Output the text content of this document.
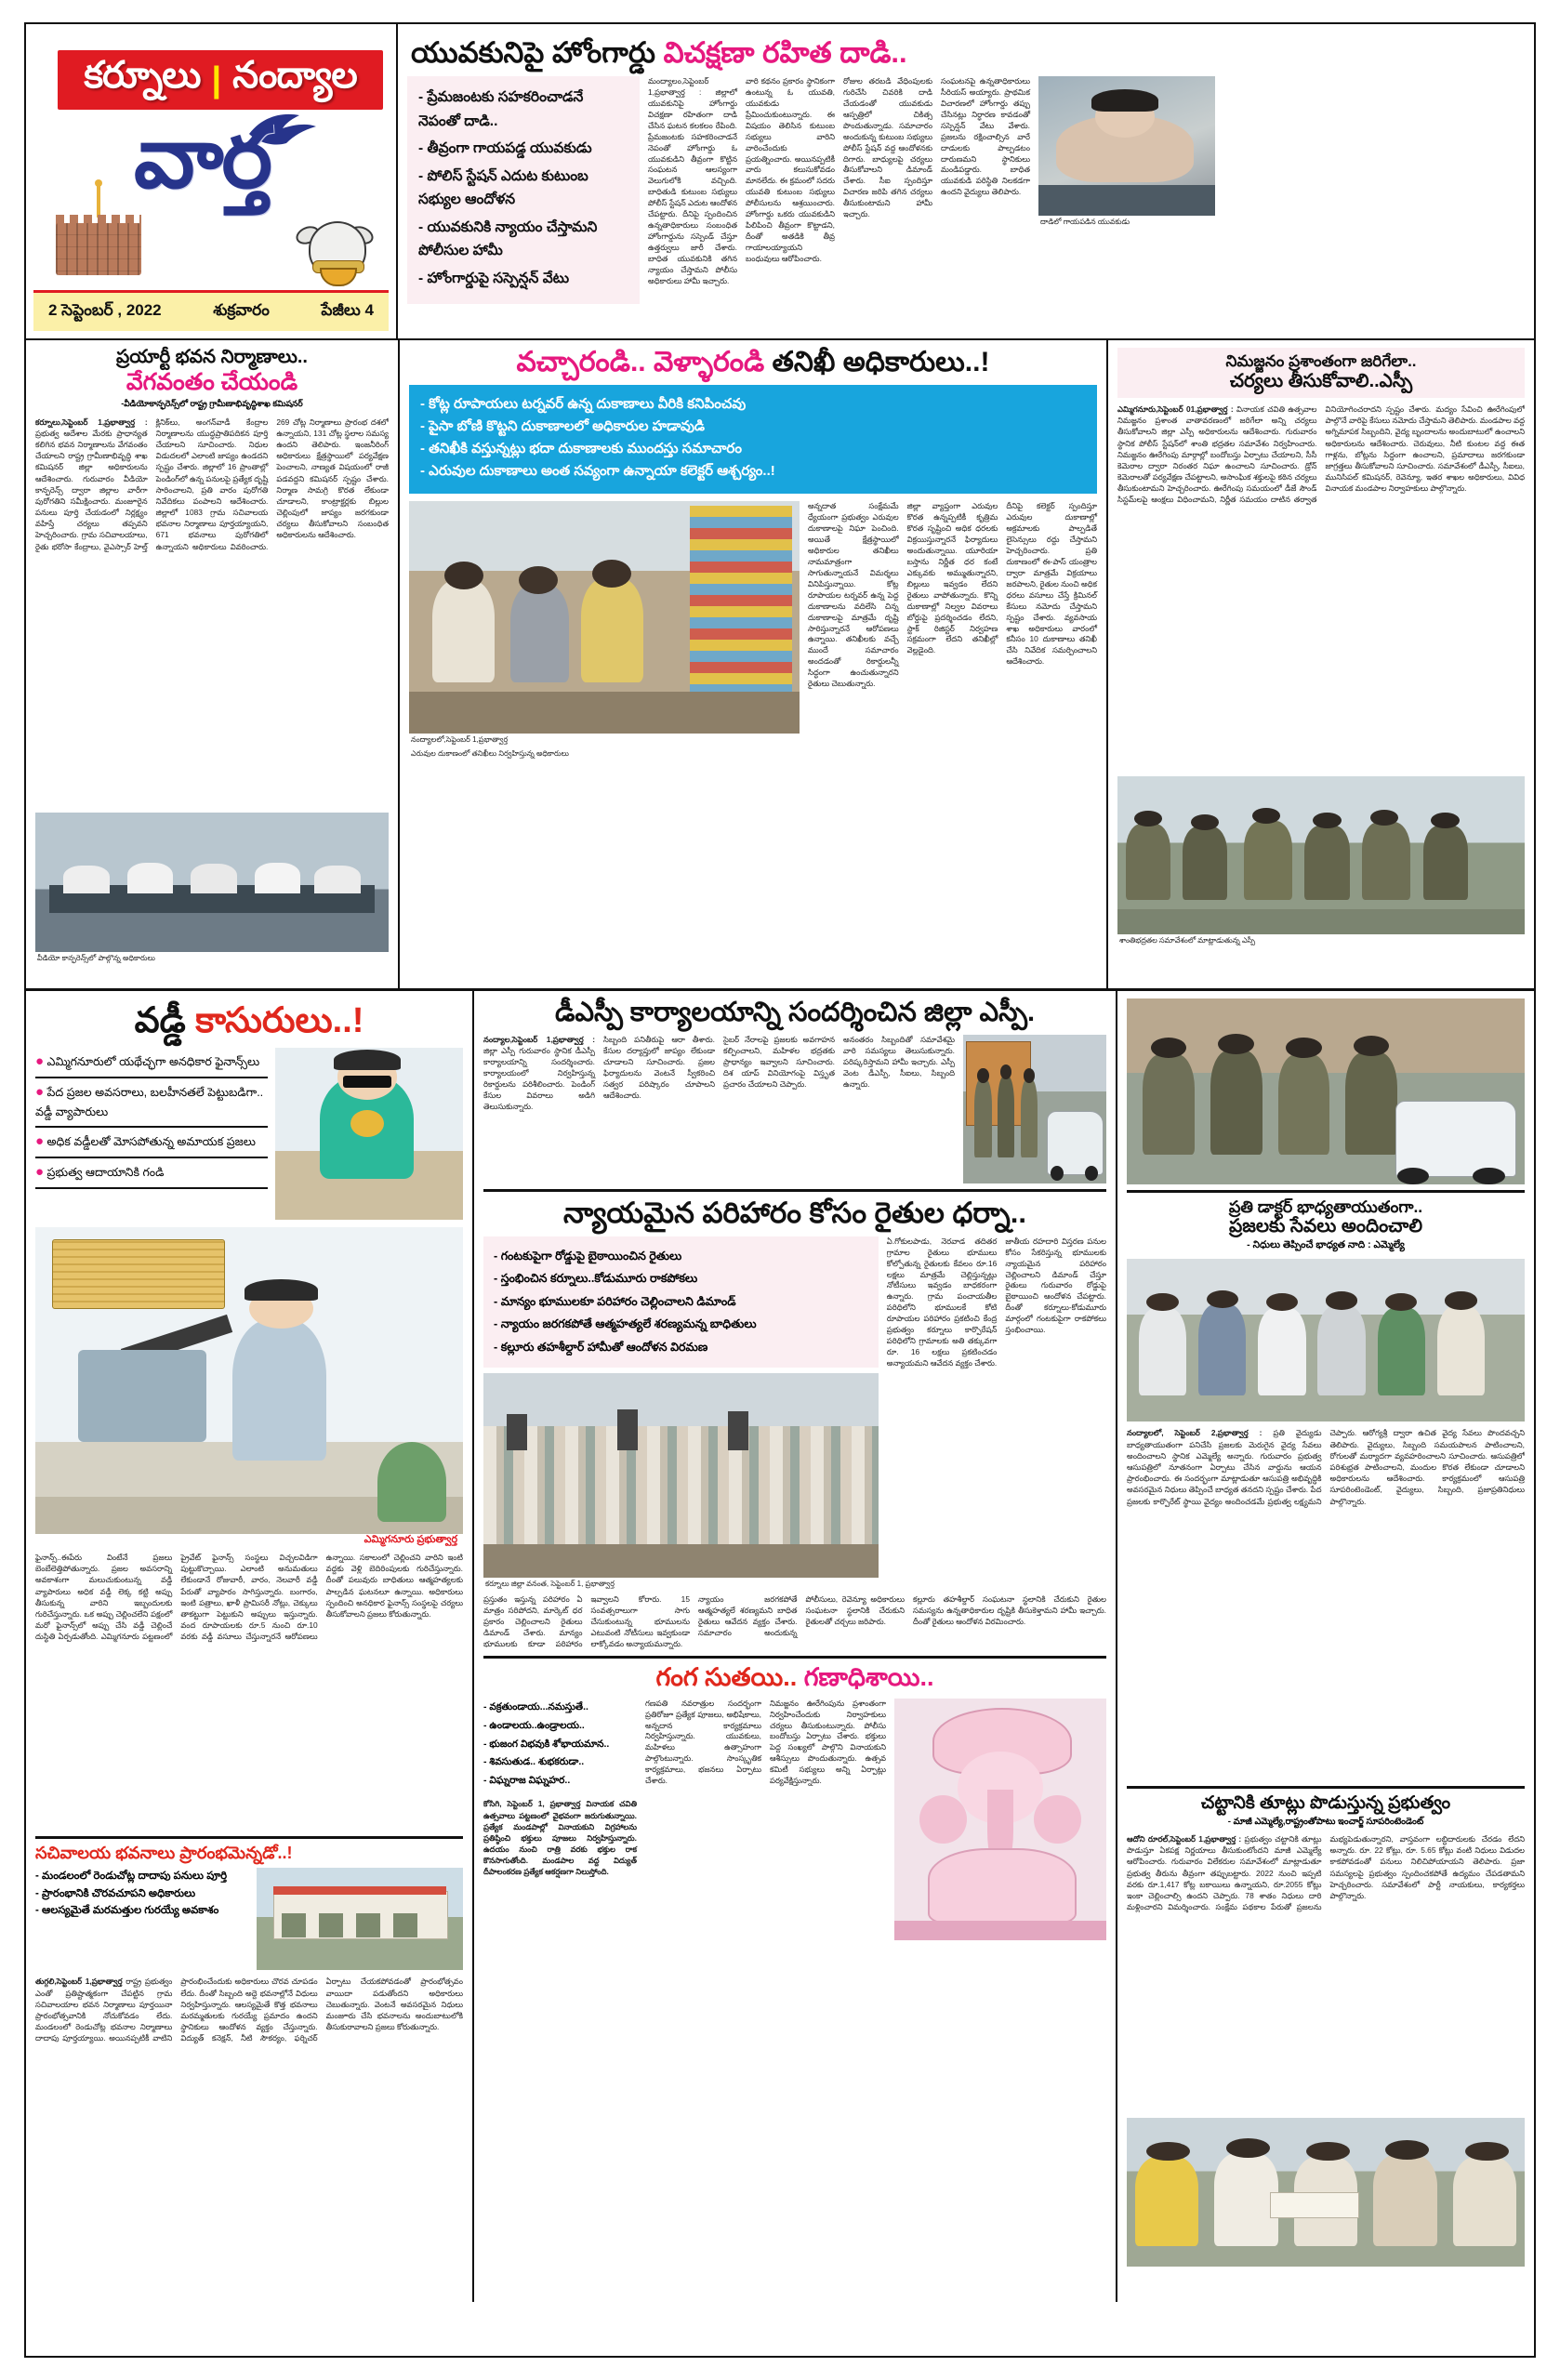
కర్నూలు | నంద్యాల
వార్త
2 సెప్టెంబర్ , 2022	శుక్రవారం	పేజీలు 4
యువకునిపై హోంగార్డు విచక్షణా రహిత దాడి..
- ప్రేమజంటకు సహకరించాడనే నెపంతో దాడి..
- తీవ్రంగా గాయపడ్డ యువకుడు
- పోలిస్ స్టేషన్ ఎదుట కుటుంబ సభ్యుల ఆందోళన
- యువకునికి న్యాయం చేస్తామని పోలీసుల హామీ
- హోంగార్డుపై సస్పెన్షన్ వేటు
మంద్యాలం,సెప్టెంబర్ 1,ప్రభాత్వార్త : జిల్లాలో యువకునిపై హోంగార్డు విచక్షణా రహితంగా దాడి చేసిన ఘటన కలకలం రేపింది. ప్రేమజంటకు సహకరించాడనే నెపంతో హోంగార్డు ఓ యువకుడిని తీవ్రంగా కొట్టిన సంఘటన ఆలస్యంగా వెలుగులోకి వచ్చింది. బాధితుడి కుటుంబ సభ్యులు పోలీస్ స్టేషన్ ఎదుట ఆందోళన చేపట్టారు. దీనిపై స్పందించిన ఉన్నతాధికారులు సంబంధిత హోంగార్డును సస్పెండ్ చేస్తూ ఉత్తర్వులు జారీ చేశారు. బాధిత యువకునికి తగిన న్యాయం చేస్తామని పోలీసు అధికారులు హామీ ఇచ్చారు.
వారి కథనం ప్రకారం స్థానికంగా ఉంటున్న ఓ యువతి, యువకుడు ప్రేమించుకుంటున్నారు. ఈ విషయం తెలిసిన కుటుంబ సభ్యులు వారిని వారించేందుకు ప్రయత్నించారు. అయినప్పటికీ వారు కలుసుకోవడం మానలేదు. ఈ క్రమంలో సదరు యువతి కుటుంబ సభ్యులు పోలీసులను ఆశ్రయించారు. హోంగార్డు ఒకరు యువకుడిని పిలిపించి తీవ్రంగా కొట్టాడని, దీంతో అతడికి తీవ్ర గాయాలయ్యాయని బంధువులు ఆరోపించారు.
రోజుల తరబడి వేధింపులకు గురిచేసి చివరికి దాడి చేయడంతో యువకుడు ఆస్పత్రిలో చికిత్స పొందుతున్నాడు. సమాచారం అందుకున్న కుటుంబ సభ్యులు పోలీస్ స్టేషన్ వద్ద ఆందోళనకు దిగారు. బాధ్యులపై చర్యలు తీసుకోవాలని డిమాండ్ చేశారు. సీఐ స్పందిస్తూ విచారణ జరిపి తగిన చర్యలు తీసుకుంటామని హామీ ఇచ్చారు.
సంఘటనపై ఉన్నతాధికారులు సీరియస్ అయ్యారు. ప్రాథమిక విచారణలో హోంగార్డు తప్పు చేసినట్లు నిర్ధారణ కావడంతో సస్పెన్షన్ వేటు వేశారు. ప్రజలను రక్షించాల్సిన వారే దాడులకు పాల్పడటం దారుణమని స్థానికులు మండిపడ్డారు. బాధిత యువకుడి పరిస్థితి నిలకడగా ఉందని వైద్యులు తెలిపారు.
దాడిలో గాయపడిన యువకుడు
ప్రయార్టీ భవన నిర్మాణాలు..
వేగవంతం చేయండి
-వీడియోకాన్ఫరెన్స్‌లో రాష్ట్ర గ్రామీణాభివృద్ధిశాఖ కమిషనర్
కర్నూలు,సెప్టెంబర్ 1,ప్రభాత్వార్త : ప్రభుత్వ ఆదేశాల మేరకు ప్రాధాన్యత కలిగిన భవన నిర్మాణాలను వేగవంతం చేయాలని రాష్ట్ర గ్రామీణాభివృద్ధి శాఖ కమిషనర్ జిల్లా అధికారులను ఆదేశించారు. గురువారం వీడియో కాన్ఫరెన్స్ ద్వారా జిల్లాల వారీగా పురోగతిని సమీక్షించారు. మంజూరైన పనులు పూర్తి చేయడంలో నిర్లక్ష్యం వహిస్తే చర్యలు తప్పవని హెచ్చరించారు. గ్రామ సచివాలయాలు, రైతు భరోసా కేంద్రాలు, వైఎస్సార్ హెల్త్ క్లినిక్‌లు, అంగన్‌వాడీ కేంద్రాల నిర్మాణాలను యుద్ధప్రాతిపదికన పూర్తి చేయాలని సూచించారు. నిధుల విడుదలలో ఎలాంటి జాప్యం ఉండదని స్పష్టం చేశారు. జిల్లాలో 16 ప్రాంతాల్లో పెండింగ్‌లో ఉన్న పనులపై ప్రత్యేక దృష్టి సారించాలని, ప్రతి వారం పురోగతి నివేదికలు పంపాలని ఆదేశించారు. జిల్లాలో 1083 గ్రామ సచివాలయ భవనాల నిర్మాణాలు పూర్తయ్యాయని, 671 భవనాలు పురోగతిలో ఉన్నాయని అధికారులు వివరించారు. 269 చోట్ల నిర్మాణాలు ప్రారంభ దశలో ఉన్నాయని, 131 చోట్ల స్థలాల సమస్య ఉందని తెలిపారు. ఇంజనీరింగ్ అధికారులు క్షేత్రస్థాయిలో పర్యవేక్షణ పెంచాలని, నాణ్యత విషయంలో రాజీ పడవద్దని కమిషనర్ స్పష్టం చేశారు. నిర్మాణ సామగ్రి కొరత లేకుండా చూడాలని, కాంట్రాక్టర్లకు బిల్లుల చెల్లింపులో జాప్యం జరగకుండా చర్యలు తీసుకోవాలని సంబంధిత అధికారులను ఆదేశించారు.
వీడియో కాన్ఫరెన్స్‌లో పాల్గొన్న అధికారులు
వచ్చారండి.. వెళ్ళారండి తనిఖీ అధికారులు..!
- కోట్ల రూపాయలు టర్నవర్ ఉన్న దుకాణాలు వీరికి కనిపించవు
- పైసా బోణి కొట్టని దుకాణాలలో అధికారుల హడావుడి
- తనిఖీకి వస్తున్నట్లు భదా దుకాణాలకు ముందస్తు సమాచారం
- ఎరువుల దుకాణాలు అంత సవ్యంగా ఉన్నాయా కలెక్టర్ ఆశ్చర్యం..!
నంద్యాలలో,సెప్టెంబర్ 1,ప్రభాత్వార్త
అన్నదాత సంక్షేమమే ధ్యేయంగా ప్రభుత్వం ఎరువుల దుకాణాలపై నిఘా పెంచింది. అయితే క్షేత్రస్థాయిలో అధికారుల తనిఖీలు నామమాత్రంగా సాగుతున్నాయనే విమర్శలు వినిపిస్తున్నాయి. కోట్ల రూపాయల టర్నవర్ ఉన్న పెద్ద దుకాణాలను వదిలేసి చిన్న దుకాణాలపై మాత్రమే దృష్టి సారిస్తున్నారనే ఆరోపణలు ఉన్నాయి. తనిఖీలకు వచ్చే ముందే సమాచారం అందడంతో రికార్డులన్నీ సిద్ధంగా ఉంచుతున్నారని రైతులు చెబుతున్నారు.
జిల్లా వ్యాప్తంగా ఎరువుల కొరత ఉన్నప్పటికీ కృత్రిమ కొరత సృష్టించి అధిక ధరలకు విక్రయిస్తున్నారనే ఫిర్యాదులు అందుతున్నాయి. యూరియా బస్తాను నిర్ణీత ధర కంటే ఎక్కువకు అమ్ముతున్నారని, బిల్లులు ఇవ్వడం లేదని రైతులు వాపోతున్నారు. కొన్ని దుకాణాల్లో నిల్వల వివరాలు బోర్డుపై ప్రదర్శించడం లేదని, స్టాక్ రిజిస్టర్ నిర్వహణ సక్రమంగా లేదని తనిఖీల్లో వెల్లడైంది.
దీనిపై కలెక్టర్ స్పందిస్తూ ఎరువుల దుకాణాల్లో అక్రమాలకు పాల్పడితే లైసెన్సులు రద్దు చేస్తామని హెచ్చరించారు. ప్రతి దుకాణంలో ఈ-పాస్ యంత్రాల ద్వారా మాత్రమే విక్రయాలు జరపాలని, రైతుల నుంచి అధిక ధరలు వసూలు చేస్తే క్రిమినల్ కేసులు నమోదు చేస్తామని స్పష్టం చేశారు. వ్యవసాయ శాఖ అధికారులు వారంలో కనీసం 10 దుకాణాలు తనిఖీ చేసి నివేదిక సమర్పించాలని ఆదేశించారు.
ఎరువుల దుకాణంలో తనిఖీలు నిర్వహిస్తున్న అధికారులు
నిమజ్జనం ప్రశాంతంగా జరిగేలా..
చర్యలు తీసుకోవాలి..ఎస్పీ
ఎమ్మిగనూరు,సెప్టెంబర్ 01,ప్రభాత్వార్త : వినాయక చవితి ఉత్సవాల నిమజ్జనం ప్రశాంత వాతావరణంలో జరిగేలా అన్ని చర్యలు తీసుకోవాలని జిల్లా ఎస్పీ అధికారులను ఆదేశించారు. గురువారం స్థానిక పోలీస్ స్టేషన్‌లో శాంతి భద్రతల సమావేశం నిర్వహించారు. నిమజ్జనం ఊరేగింపు మార్గాల్లో బందోబస్తు ఏర్పాటు చేయాలని, సీసీ కెమెరాల ద్వారా నిరంతర నిఘా ఉంచాలని సూచించారు. డ్రోన్ కెమెరాలతో పర్యవేక్షణ చేపట్టాలని, అసాంఘిక శక్తులపై కఠిన చర్యలు తీసుకుంటామని హెచ్చరించారు. ఊరేగింపు సమయంలో డీజే సౌండ్ సిస్టమ్‌లపై ఆంక్షలు విధించామని, నిర్ణీత సమయం దాటిన తర్వాత వినియోగించరాదని స్పష్టం చేశారు. మద్యం సేవించి ఊరేగింపులో పాల్గొనే వారిపై కేసులు నమోదు చేస్తామని తెలిపారు. మండపాల వద్ద అగ్నిమాపక సిబ్బందిని, వైద్య బృందాలను అందుబాటులో ఉంచాలని అధికారులను ఆదేశించారు. చెరువులు, నీటి కుంటల వద్ద ఈత గాళ్లను, బోట్లను సిద్ధంగా ఉంచాలని, ప్రమాదాలు జరగకుండా జాగ్రత్తలు తీసుకోవాలని సూచించారు. సమావేశంలో డీఎస్పీ, సీఐలు, మునిసిపల్ కమిషనర్, రెవెన్యూ, ఇతర శాఖల అధికారులు, వివిధ వినాయక మండపాల నిర్వాహకులు పాల్గొన్నారు.
శాంతిభద్రతల సమావేశంలో మాట్లాడుతున్న ఎస్పీ
వడ్డీ కాసురులు..!
● ఎమ్మిగనూరులో యథేచ్ఛగా అనధికార ఫైనాన్స్‌లు
● పేద ప్రజల అవసరాలు, బలహీనతలే పెట్టుబడిగా.. వడ్డీ వ్యాపారులు
● అధిక వడ్డీలతో మోసపోతున్న అమాయక ప్రజలు
● ప్రభుత్వ ఆదాయానికి గండి
ఎమ్మిగనూరు ప్రభుత్వార్త
ఫైనాన్స్..ఈపేరు వింటేనే ప్రజలు బెంబేలెత్తిపోతున్నారు. ప్రజల అవసరాన్ని అవకాశంగా మలుచుకుంటున్న వడ్డీ వ్యాపారులు అధిక వడ్డీ లెక్క కట్టి అప్పు తీసుకున్న వారిని ఇబ్బందులకు గురిచేస్తున్నారు. ఒక అప్పు చెల్లించలేని పక్షంలో మరో ఫైనాన్స్‌లో అప్పు చేసి వడ్డీ చెల్లించే దుస్థితి ఏర్పడుతోంది. ఎమ్మిగనూరు పట్టణంలో ప్రైవేట్ ఫైనాన్స్ సంస్థలు విచ్చలవిడిగా పుట్టుకొచ్చాయి. ఎలాంటి అనుమతులు లేకుండానే రోజువారీ, వారం, నెలవారీ వడ్డీ పేరుతో వ్యాపారం సాగిస్తున్నారు. బంగారం, ఇంటి పత్రాలు, ఖాళీ ప్రామిసరీ నోట్లు, చెక్కులు తాకట్టుగా పెట్టుకుని అప్పులు ఇస్తున్నారు. వంద రూపాయలకు రూ.5 నుంచి రూ.10 వరకు వడ్డీ వసూలు చేస్తున్నారనే ఆరోపణలు ఉన్నాయి. సకాలంలో చెల్లించని వారిని ఇంటి వద్దకు వెళ్లి బెదిరింపులకు గురిచేస్తున్నారు. దీంతో పలువురు బాధితులు ఆత్మహత్యలకు పాల్పడిన ఘటనలూ ఉన్నాయి. అధికారులు స్పందించి అనధికార ఫైనాన్స్ సంస్థలపై చర్యలు తీసుకోవాలని ప్రజలు కోరుతున్నారు.
సచివాలయ భవనాలు ప్రారంభమెన్నడో..!
- మండలంలో రెండుచోట్ల దాదాపు పనులు పూర్తి
- ప్రారంభానికి చొరవచూపని అధికారులు
- ఆలస్యమైతే మరమత్తుల గురయ్యే అవకాశం
తుగ్గలి,సెప్టెంబర్ 1,ప్రభాత్వార్త రాష్ట్ర ప్రభుత్వం ఎంతో ప్రతిష్టాత్మకంగా చేపట్టిన గ్రామ సచివాలయాల భవన నిర్మాణాలు పూర్తయినా ప్రారంభోత్సవానికి నోచుకోవడం లేదు. మండలంలో రెండుచోట్ల భవనాల నిర్మాణాలు దాదాపు పూర్తయ్యాయి. అయినప్పటికీ వాటిని ప్రారంభించేందుకు అధికారులు చొరవ చూపడం లేదు. దీంతో సిబ్బంది అద్దె భవనాల్లోనే విధులు నిర్వహిస్తున్నారు. ఆలస్యమైతే కొత్త భవనాలు మరమ్మతులకు గురయ్యే ప్రమాదం ఉందని స్థానికులు ఆందోళన వ్యక్తం చేస్తున్నారు. విద్యుత్ కనెక్షన్, నీటి సౌకర్యం, ఫర్నిచర్ ఏర్పాటు చేయకపోవడంతో ప్రారంభోత్సవం వాయిదా పడుతోందని అధికారులు చెబుతున్నారు. వెంటనే అవసరమైన నిధులు మంజూరు చేసి భవనాలను అందుబాటులోకి తీసుకురావాలని ప్రజలు కోరుతున్నారు.
డీఎస్పీ కార్యాలయాన్ని సందర్శించిన జిల్లా ఎస్పీ.
నంద్యాల,సెప్టెంబర్ 1,ప్రభాత్వార్త : జిల్లా ఎస్పీ గురువారం స్థానిక డీఎస్పీ కార్యాలయాన్ని సందర్శించారు. కార్యాలయంలో నిర్వహిస్తున్న రికార్డులను పరిశీలించారు. పెండింగ్ కేసుల వివరాలు అడిగి తెలుసుకున్నారు.
సిబ్బంది పనితీరుపై ఆరా తీశారు. కేసుల దర్యాప్తులో జాప్యం లేకుండా చూడాలని సూచించారు. ప్రజల ఫిర్యాదులను వెంటనే స్వీకరించి సత్వర పరిష్కారం చూపాలని ఆదేశించారు.
సైబర్ నేరాలపై ప్రజలకు అవగాహన కల్పించాలని, మహిళల భద్రతకు ప్రాధాన్యం ఇవ్వాలని సూచించారు. దిశ యాప్ వినియోగంపై విస్తృత ప్రచారం చేయాలని చెప్పారు.
అనంతరం సిబ్బందితో సమావేశమై వారి సమస్యలు తెలుసుకున్నారు. పరిష్కరిస్తామని హామీ ఇచ్చారు. ఎస్పీ వెంట డీఎస్పీ, సీఐలు, సిబ్బంది ఉన్నారు.
న్యాయమైన పరిహారం కోసం రైతుల ధర్నా..
- గంటకుపైగా రోడ్డుపై బైఠాయించిన రైతులు
- స్తంభించిన కర్నూలు..కోడుమూరు రాకపోకలు
- మాన్యం భూములకూ పరిహారం చెల్లించాలని డిమాండ్
- న్యాయం జరగకపోతే ఆత్మహత్యలే శరణ్యమన్న బాధితులు
- కల్లూరు తహశీల్దార్ హామీతో ఆందోళన విరమణ
కర్నూలు జిల్లా వనంత, సెప్టెంబర్ 1, ప్రభాత్వార్త
ఏ.గోకులపాడు, నెరవాడ తదితర గ్రామాల రైతులు భూములు కోల్పోతున్న రైతులకు కేవలం రూ.16 లక్షలు మాత్రమే చెల్లిస్తున్నట్లు నోటీసులు ఇవ్వడం బాధకరంగా ఉన్నారు. గ్రామ పంచాయతీల పరిధిలోని భూములకే కోటి రూపాయల పరిహారం ప్రకటించి కేంద్ర ప్రభుత్వం కర్నూలు కార్పొరేషన్ పరిధిలోని గ్రామాలకు అతి తక్కువగా రూ. 16 లక్షలు ప్రకటించడం అన్యాయమని ఆవేదన వ్యక్తం చేశారు.
జాతీయ రహదారి విస్తరణ పనుల కోసం సేకరిస్తున్న భూములకు న్యాయమైన పరిహారం చెల్లించాలని డిమాండ్ చేస్తూ రైతులు గురువారం రోడ్డుపై బైఠాయించి ఆందోళన చేపట్టారు. దీంతో కర్నూలు-కోడుమూరు మార్గంలో గంటకుపైగా రాకపోకలు స్తంభించాయి.
ప్రస్తుతం ఇస్తున్న పరిహారం ఏ మాత్రం సరిపోదని, మార్కెట్ ధర ప్రకారం చెల్లించాలని రైతులు డిమాండ్ చేశారు. మాన్యం భూములకు కూడా పరిహారం ఇవ్వాలని కోరారు. 15 సంవత్సరాలుగా సాగు చేసుకుంటున్న భూములను ఎటువంటి నోటీసులు ఇవ్వకుండా లాక్కోవడం అన్యాయమన్నారు.
న్యాయం జరగకపోతే ఆత్మహత్యలే శరణ్యమని బాధిత రైతులు ఆవేదన వ్యక్తం చేశారు. సమాచారం అందుకున్న పోలీసులు, రెవెన్యూ అధికారులు సంఘటనా స్థలానికి చేరుకుని రైతులతో చర్చలు జరిపారు.
కల్లూరు తహశీల్దార్ సంఘటనా స్థలానికి చేరుకుని రైతుల సమస్యను ఉన్నతాధికారుల దృష్టికి తీసుకెళ్తామని హామీ ఇచ్చారు. దీంతో రైతులు ఆందోళన విరమించారు.
గంగ సుతయి.. గణాధిశాయి..
- వక్రతుండాయ...నమస్తుతే..
- ఉండాలయ..ఉండ్రాలయ..
- భుజంగ విభవుకి శోభాయమాన..
- శివసుతుడ.. శుభకరుడా..
- విఘ్నరాజ విఘ్నహర..
కోసిగి, సెప్టెంబర్ 1, ప్రభాత్వార్త వినాయక చవితి ఉత్సవాలు పట్టణంలో వైభవంగా జరుగుతున్నాయి. ప్రత్యేక మండపాల్లో వినాయకుని విగ్రహాలను ప్రతిష్ఠించి భక్తులు పూజలు నిర్వహిస్తున్నారు. ఉదయం నుంచి రాత్రి వరకు భక్తుల రాక కొనసాగుతోంది. మండపాల వద్ద విద్యుత్ దీపాలంకరణ ప్రత్యేక ఆకర్షణగా నిలుస్తోంది.
గణపతి నవరాత్రుల సందర్భంగా ప్రతిరోజూ ప్రత్యేక పూజలు, అభిషేకాలు, అన్నదాన కార్యక్రమాలు నిర్వహిస్తున్నారు. యువకులు, మహిళలు ఉత్సాహంగా పాల్గొంటున్నారు. సాంస్కృతిక కార్యక్రమాలు, భజనలు ఏర్పాటు చేశారు.
నిమజ్జనం ఊరేగింపును ప్రశాంతంగా నిర్వహించేందుకు నిర్వాహకులు చర్యలు తీసుకుంటున్నారు. పోలీసు బందోబస్తు ఏర్పాటు చేశారు. భక్తులు పెద్ద సంఖ్యలో పాల్గొని వినాయకుని ఆశీస్సులు పొందుతున్నారు. ఉత్సవ కమిటీ సభ్యులు అన్ని ఏర్పాట్లు పర్యవేక్షిస్తున్నారు.
ప్రతి డాక్టర్ భాధ్యతాయుతంగా..
ప్రజలకు సేవలు అందించాలి
- నిధులు తెప్పించే భాధ్యత నాది : ఎమ్మెల్యే
నంద్యాలలో, సెప్టెంబర్ 2,ప్రభాత్వార్త : ప్రతి వైద్యుడు బాధ్యతాయుతంగా పనిచేసి ప్రజలకు మెరుగైన వైద్య సేవలు అందించాలని స్థానిక ఎమ్మెల్యే అన్నారు. గురువారం ప్రభుత్వ ఆసుపత్రిలో నూతనంగా ఏర్పాటు చేసిన వార్డును ఆయన ప్రారంభించారు. ఈ సందర్భంగా మాట్లాడుతూ ఆసుపత్రి అభివృద్ధికి అవసరమైన నిధులు తెప్పించే బాధ్యత తనదని స్పష్టం చేశారు. పేద ప్రజలకు కార్పొరేట్ స్థాయి వైద్యం అందించడమే ప్రభుత్వ లక్ష్యమని చెప్పారు. ఆరోగ్యశ్రీ ద్వారా ఉచిత వైద్య సేవలు పొందవచ్చని తెలిపారు. వైద్యులు, సిబ్బంది సమయపాలన పాటించాలని, రోగులతో మర్యాదగా వ్యవహరించాలని సూచించారు. ఆసుపత్రిలో పరిశుభ్రత పాటించాలని, మందుల కొరత లేకుండా చూడాలని అధికారులను ఆదేశించారు. కార్యక్రమంలో ఆసుపత్రి సూపరింటెండెంట్, వైద్యులు, సిబ్బంది, ప్రజాప్రతినిధులు పాల్గొన్నారు.
చట్టానికి తూట్లు పొడుస్తున్న ప్రభుత్వం
- మాజీ ఎమ్మెల్యే,రాష్ట్రంతోపాటు ఇంచార్జ్ సూపరింటెండెంట్
ఆదోని రూరల్,సెప్టెంబర్ 1,ప్రభాత్వార్త : ప్రభుత్వం చట్టానికి తూట్లు పొడుస్తూ ఏకపక్ష నిర్ణయాలు తీసుకుంటోందని మాజీ ఎమ్మెల్యే ఆరోపించారు. గురువారం విలేకరుల సమావేశంలో మాట్లాడుతూ ప్రభుత్వ తీరును తీవ్రంగా తప్పుబట్టారు. 2022 నుంచి ఇప్పటి వరకు రూ.1,417 కోట్ల బకాయిలు ఉన్నాయని, రూ.2055 కోట్లు ఇంకా చెల్లించాల్సి ఉందని చెప్పారు. 78 శాతం నిధులు దారి మళ్లించారని విమర్శించారు. సంక్షేమ పథకాల పేరుతో ప్రజలను మభ్యపెడుతున్నారని, వాస్తవంగా లబ్ధిదారులకు చేరడం లేదని అన్నారు. రూ. 22 కోట్లు, రూ. 5.65 కోట్లు వంటి నిధులు విడుదల కాకపోవడంతో పనులు నిలిచిపోయాయని తెలిపారు. ప్రజా సమస్యలపై ప్రభుత్వం స్పందించకపోతే ఉద్యమం చేపడతామని హెచ్చరించారు. సమావేశంలో పార్టీ నాయకులు, కార్యకర్తలు పాల్గొన్నారు.
